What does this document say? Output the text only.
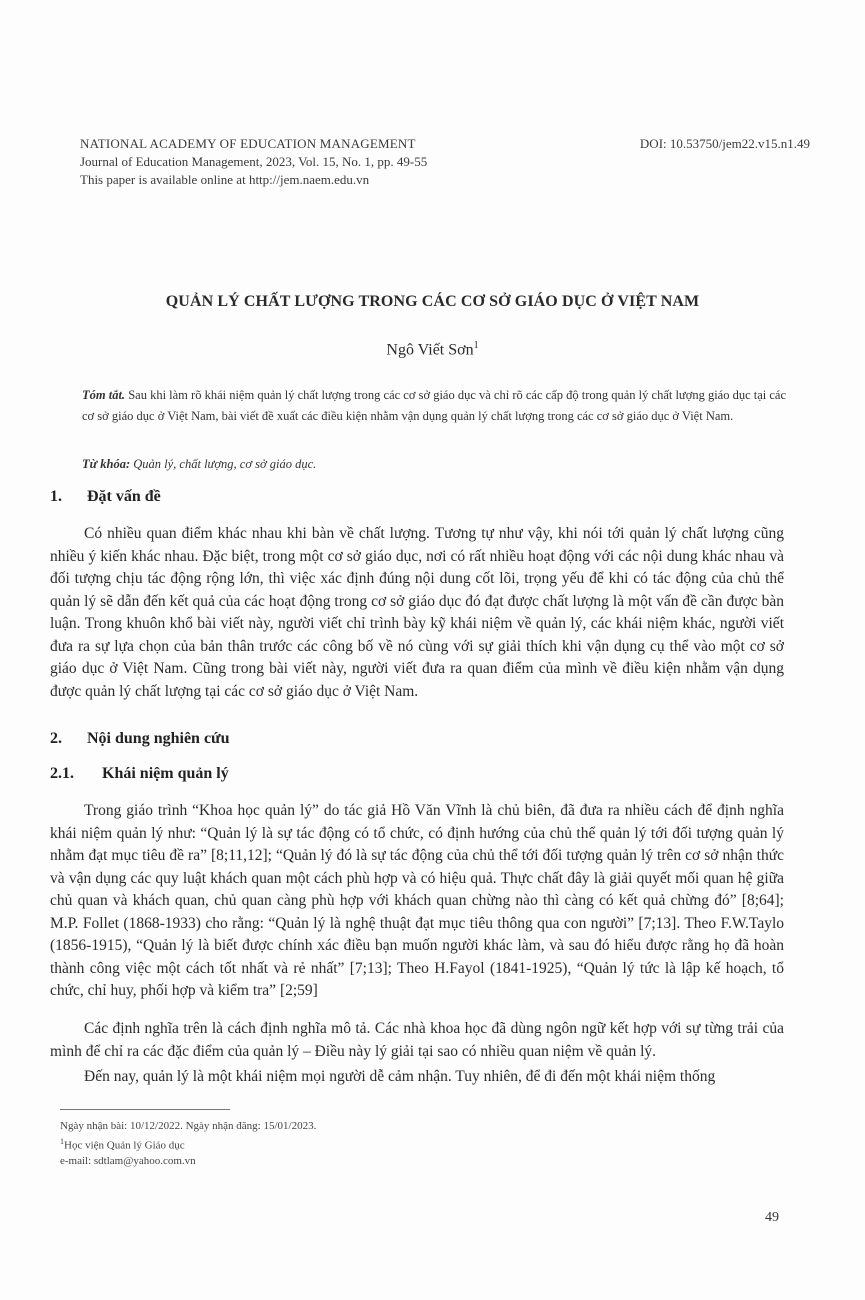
NATIONAL ACADEMY OF EDUCATION MANAGEMENT	DOI: 10.53750/jem22.v15.n1.49
Journal of Education Management, 2023, Vol. 15, No. 1, pp. 49-55
This paper is available online at http://jem.naem.edu.vn
QUẢN LÝ CHẤT LƯỢNG TRONG CÁC CƠ SỞ GIÁO DỤC Ở VIỆT NAM
Ngô Viết Sơn$^1$
Tóm tắt. Sau khi làm rõ khái niệm quản lý chất lượng trong các cơ sở giáo dục và chỉ rõ các cấp độ trong quản lý chất lượng giáo dục tại các cơ sở giáo dục ở Việt Nam, bài viết đề xuất các điều kiện nhằm vận dụng quản lý chất lượng trong các cơ sở giáo dục ở Việt Nam.
Từ khóa: Quản lý, chất lượng, cơ sở giáo dục.
1. Đặt vấn đề
Có nhiều quan điểm khác nhau khi bàn về chất lượng. Tương tự như vậy, khi nói tới quản lý chất lượng cũng nhiều ý kiến khác nhau. Đặc biệt, trong một cơ sở giáo dục, nơi có rất nhiều hoạt động với các nội dung khác nhau và đối tượng chịu tác động rộng lớn, thì việc xác định đúng nội dung cốt lõi, trọng yếu để khi có tác động của chủ thể quản lý sẽ dẫn đến kết quả của các hoạt động trong cơ sở giáo dục đó đạt được chất lượng là một vấn đề cần được bàn luận. Trong khuôn khổ bài viết này, người viết chỉ trình bày kỹ khái niệm về quản lý, các khái niệm khác, người viết đưa ra sự lựa chọn của bản thân trước các công bố về nó cùng với sự giải thích khi vận dụng cụ thể vào một cơ sở giáo dục ở Việt Nam. Cũng trong bài viết này, người viết đưa ra quan điểm của mình về điều kiện nhằm vận dụng được quản lý chất lượng tại các cơ sở giáo dục ở Việt Nam.
2. Nội dung nghiên cứu
2.1. Khái niệm quản lý
Trong giáo trình “Khoa học quản lý” do tác giả Hồ Văn Vĩnh là chủ biên, đã đưa ra nhiều cách để định nghĩa khái niệm quản lý như: “Quản lý là sự tác động có tổ chức, có định hướng của chủ thể quản lý tới đối tượng quản lý nhằm đạt mục tiêu đề ra” [8;11,12]; “Quản lý đó là sự tác động của chủ thể tới đối tượng quản lý trên cơ sở nhận thức và vận dụng các quy luật khách quan một cách phù hợp và có hiệu quả. Thực chất đây là giải quyết mối quan hệ giữa chủ quan và khách quan, chủ quan càng phù hợp với khách quan chừng nào thì càng có kết quả chừng đó” [8;64]; M.P. Follet (1868-1933) cho rằng: “Quản lý là nghệ thuật đạt mục tiêu thông qua con người” [7;13]. Theo F.W.Taylo (1856-1915), “Quản lý là biết được chính xác điều bạn muốn người khác làm, và sau đó hiểu được rằng họ đã hoàn thành công việc một cách tốt nhất và rẻ nhất” [7;13]; Theo H.Fayol (1841-1925), “Quản lý tức là lập kế hoạch, tổ chức, chỉ huy, phối hợp và kiểm tra” [2;59]
Các định nghĩa trên là cách định nghĩa mô tả. Các nhà khoa học đã dùng ngôn ngữ kết hợp với sự từng trải của mình để chỉ ra các đặc điểm của quản lý – Điều này lý giải tại sao có nhiều quan niệm về quản lý.
Đến nay, quản lý là một khái niệm mọi người dễ cảm nhận. Tuy nhiên, để đi đến một khái niệm thống
Ngày nhận bài: 10/12/2022. Ngày nhận đăng: 15/01/2023.
$^1$Học viện Quản lý Giáo dục
e-mail: sdtlam@yahoo.com.vn
49
